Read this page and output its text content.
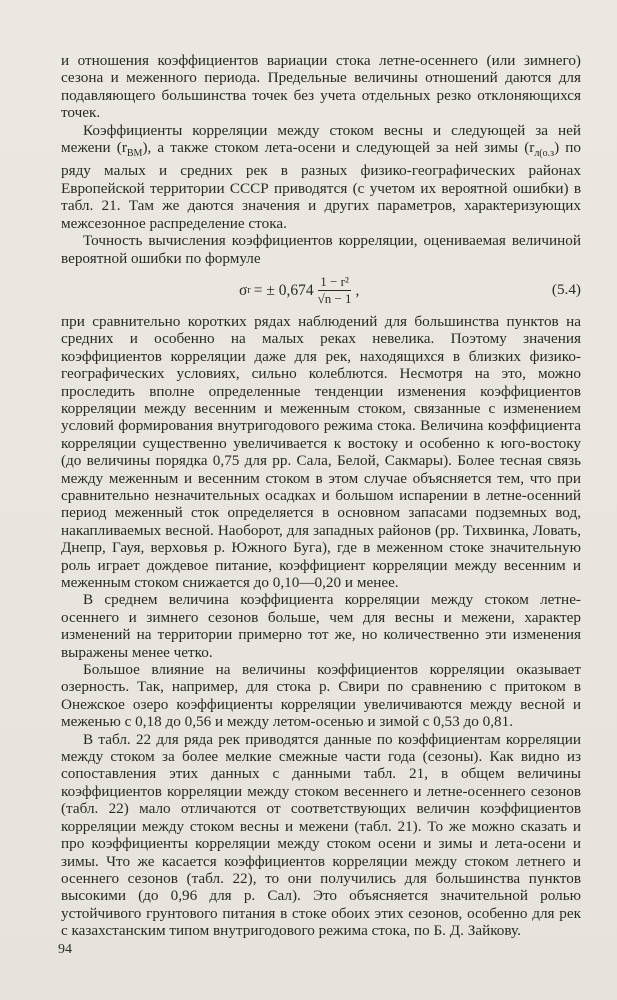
и отношения коэффициентов вариации стока летне-осеннего (или зимнего) сезона и меженного периода. Предельные величины отношений даются для подавляющего большинства точек без учета отдельных резко отклоняющихся точек.

Коэффициенты корреляции между стоком весны и следующей за ней межени $(r_{ВМ})$, а также стоком лета-осени и следующей за ней зимы $(r_{л(о.з})$ по ряду малых и средних рек в разных физико-географических районах Европейской территории СССР приводятся (с учетом их вероятной ошибки) в табл. 21. Там же даются значения и других параметров, характеризующих межсезонное распределение стока.

Точность вычисления коэффициентов корреляции, оцениваемая величиной вероятной ошибки по формуле

σ r = ± $0,674 \frac{\text{1 − r²}}{√n - 1}$ ,	(5.4)

при сравнительно коротких рядах наблюдений для большинства пунктов на средних и особенно на малых реках невелика. Поэтому значения коэффициентов корреляции даже для рек, находящихся в близких физико-географических условиях, сильно колеблются. Несмотря на это, можно проследить вполне определенные тенденции изменения коэффициентов корреляции между весенним и меженным стоком, связанные с изменением условий формирования внутригодового режима стока. Величина коэффициента корреляции существенно увеличивается к востоку и особенно к юго-востоку (до величины порядка 0,75 для рр. Сала, Белой, Сакмары). Более тесная связь между меженным и весенним стоком в этом случае объясняется тем, что при сравнительно незначительных осадках и большом испарении в летне-осенний период меженный сток определяется в основном запасами подземных вод, накапливаемых весной. Наоборот, для западных районов (рр. Тихвинка, Ловать, Днепр, Гауя, верховья р. Южного Буга), где в меженном стоке значительную роль играет дождевое питание, коэффициент корреляции между весенним и меженным стоком снижается до 0,10—0,20 и менее.

В среднем величина коэффициента корреляции между стоком летне-осеннего и зимнего сезонов больше, чем для весны и межени, характер изменений на территории примерно тот же, но количественно эти изменения выражены менее четко.

Большое влияние на величины коэффициентов корреляции оказывает озерность. Так, например, для стока р. Свири по сравнению с притоком в Онежское озеро коэффициенты корреляции увеличиваются между весной и меженью с 0,18 до 0,56 и между летом-осенью и зимой с 0,53 до 0,81.

В табл. 22 для ряда рек приводятся данные по коэффициентам корреляции между стоком за более мелкие смежные части года (сезоны). Как видно из сопоставления этих данных с данными табл. 21, в общем величины коэффициентов корреляции между стоком весеннего и летне-осеннего сезонов (табл. 22) мало отличаются от соответствующих величин коэффициентов корреляции между стоком весны и межени (табл. 21). То же можно сказать и про коэффициенты корреляции между стоком осени и зимы и лета-осени и зимы. Что же касается коэффициентов корреляции между стоком летнего и осеннего сезонов (табл. 22), то они получились для большинства пунктов высокими (до 0,96 для р. Сал). Это объясняется значительной ролью устойчивого грунтового питания в стоке обоих этих сезонов, особенно для рек с казахстанским типом внутригодового режима стока, по Б. Д. Зайкову.

94
